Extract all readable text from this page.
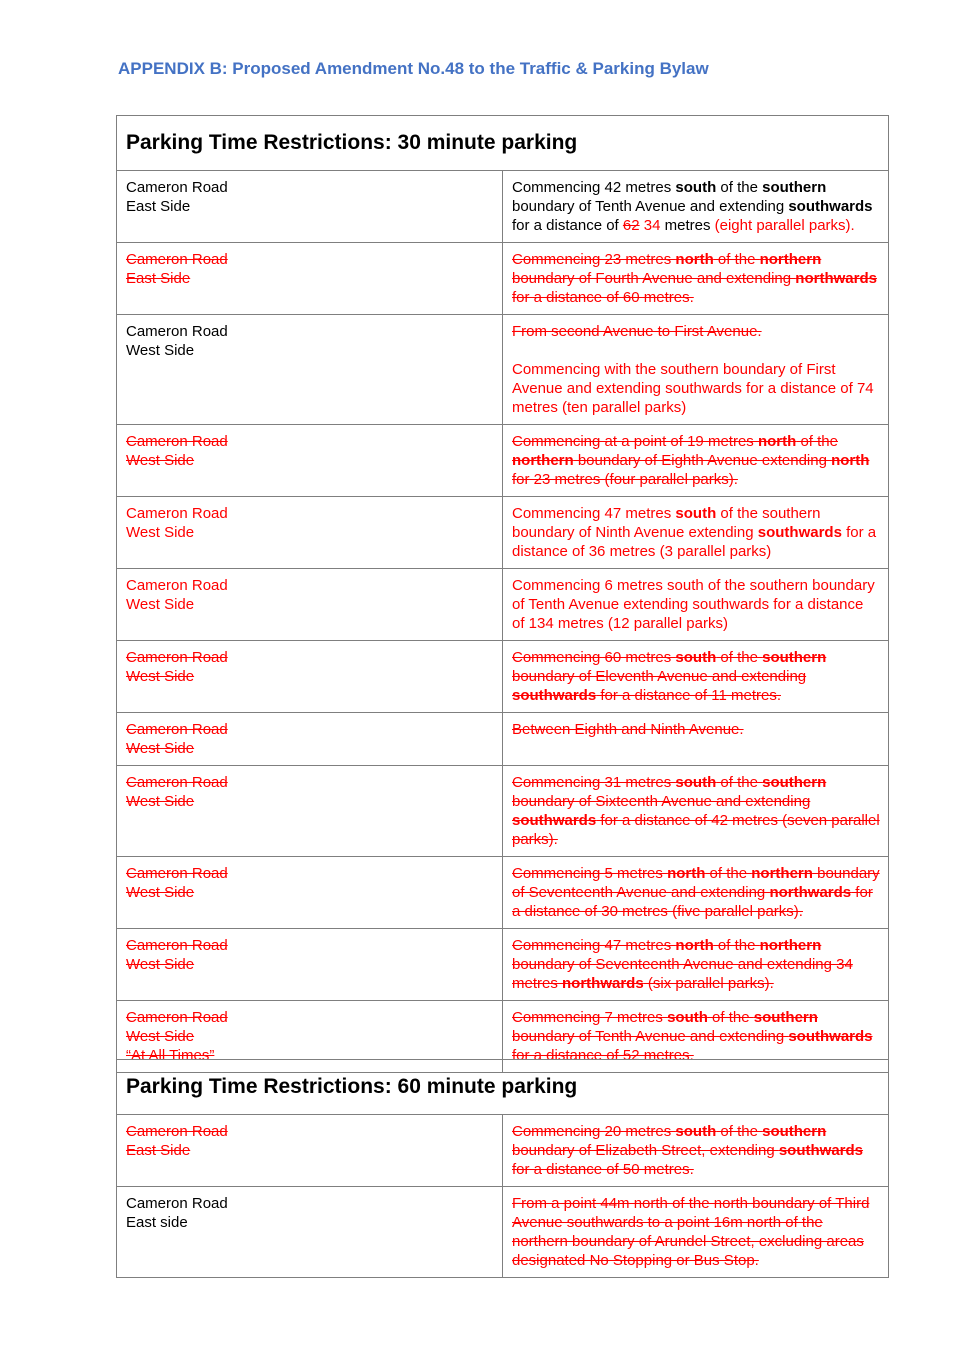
APPENDIX B: Proposed Amendment No.48 to the Traffic & Parking Bylaw
Parking Time Restrictions: 30 minute parking	

Cameron Road
East Side	Commencing 42 metres south of the southern boundary of Tenth Avenue and extending southwards for a distance of 62 34 metres (eight parallel parks).

Cameron Road
East Side	Commencing 23 metres north of the northern boundary of Fourth Avenue and extending northwards for a distance of 60 metres.

Cameron Road
West Side	From second Avenue to First Avenue.
Commencing with the southern boundary of First Avenue and extending southwards for a distance of 74 metres (ten parallel parks)

Cameron Road
West Side	Commencing at a point of 19 metres north of the northern boundary of Eighth Avenue extending north for 23 metres (four parallel parks).

Cameron Road
West Side	Commencing 47 metres south of the southern boundary of Ninth Avenue extending southwards for a distance of 36 metres (3 parallel parks)

Cameron Road
West Side	Commencing 6 metres south of the southern boundary of Tenth Avenue extending southwards for a distance of 134 metres (12 parallel parks)

Cameron Road
West Side	Commencing 60 metres south of the southern boundary of Eleventh Avenue and extending southwards for a distance of 11 metres.

Cameron Road
West Side	Between Eighth and Ninth Avenue.

Cameron Road
West Side	Commencing 31 metres south of the southern boundary of Sixteenth Avenue and extending southwards for a distance of 42 metres (seven parallel parks).

Cameron Road
West Side	Commencing 5 metres north of the northern boundary of Seventeenth Avenue and extending northwards for a distance of 30 metres (five parallel parks).

Cameron Road
West Side	Commencing 47 metres north of the northern boundary of Seventeenth Avenue and extending 34 metres northwards (six parallel parks).

Cameron Road
West Side
“At All Times”	Commencing 7 metres south of the southern boundary of Tenth Avenue and extending southwards for a distance of 52 metres.
Parking Time Restrictions: 60 minute parking	

Cameron Road
East Side	Commencing 20 metres south of the southern boundary of Elizabeth Street, extending southwards for a distance of 50 metres.

Cameron Road
East side	From a point 44m north of the north boundary of Third Avenue southwards to a point 16m north of the northern boundary of Arundel Street, excluding areas designated No Stopping or Bus Stop.
